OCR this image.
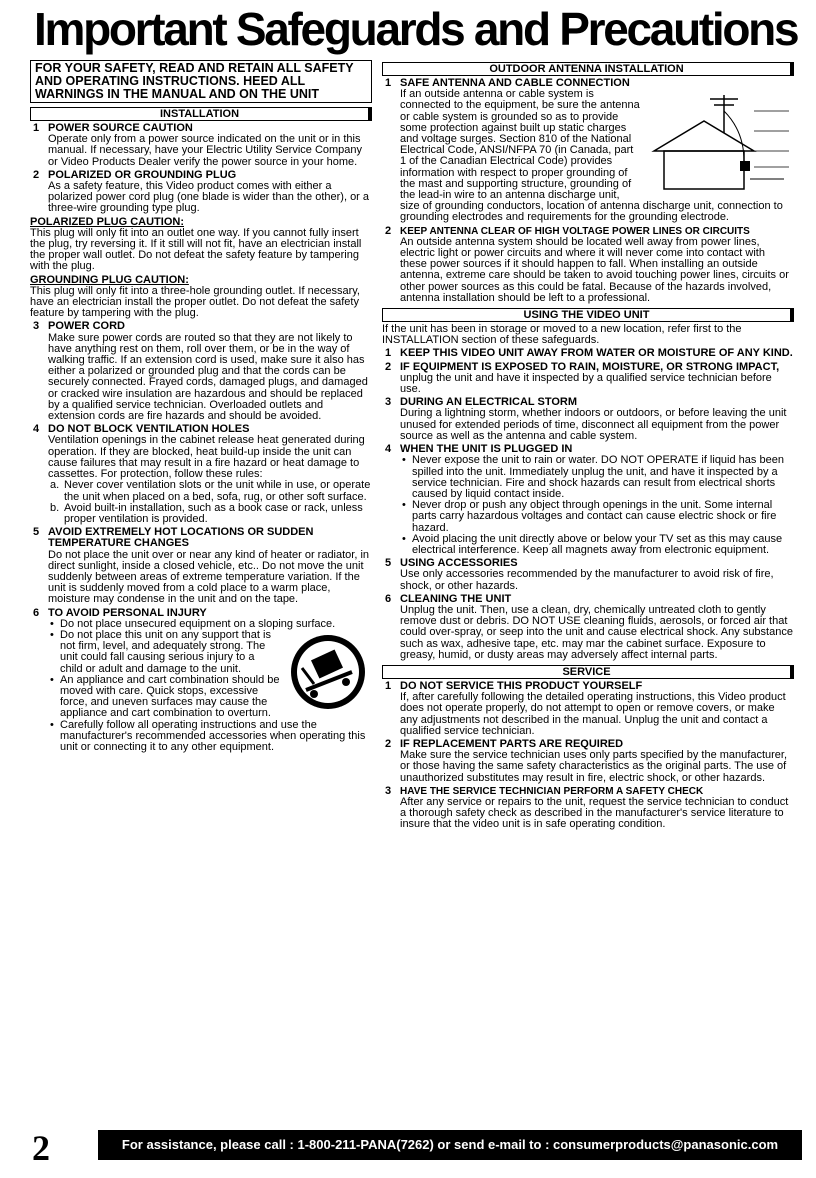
Important Safeguards and Precautions
FOR YOUR SAFETY, READ AND RETAIN ALL SAFETY AND OPERATING INSTRUCTIONS. HEED ALL WARNINGS IN THE MANUAL AND ON THE UNIT
INSTALLATION
1 POWER SOURCE CAUTION

Operate only from a power source indicated on the unit or in this manual. If necessary, have your Electric Utility Service Company or Video Products Dealer verify the power source in your home.

2 POLARIZED OR GROUNDING PLUG

As a safety feature, this Video product comes with either a polarized power cord plug (one blade is wider than the other), or a three-wire grounding type plug.

POLARIZED PLUG CAUTION:

This plug will only fit into an outlet one way. If you cannot fully insert the plug, try reversing it. If it still will not fit, have an electrician install the proper wall outlet. Do not defeat the safety feature by tampering with the plug.

GROUNDING PLUG CAUTION:

This plug will only fit into a three-hole grounding outlet. If necessary, have an electrician install the proper outlet. Do not defeat the safety feature by tampering with the plug.

3 POWER CORD

Make sure power cords are routed so that they are not likely to have anything rest on them, roll over them, or be in the way of walking traffic. If an extension cord is used, make sure it also has either a polarized or grounded plug and that the cords can be securely connected. Frayed cords, damaged plugs, and damaged or cracked wire insulation are hazardous and should be replaced by a qualified service technician. Overloaded outlets and extension cords are fire hazards and should be avoided.

4 DO NOT BLOCK VENTILATION HOLES

Ventilation openings in the cabinet release heat generated during operation. If they are blocked, heat build-up inside the unit can cause failures that may result in a fire hazard or heat damage to cassettes. For protection, follow these rules:

a. Never cover ventilation slots or the unit while in use, or operate the unit when placed on a bed, sofa, rug, or other soft surface.
b. Avoid built-in installation, such as a book case or rack, unless proper ventilation is provided.
5 AVOID EXTREMELY HOT LOCATIONS OR SUDDEN TEMPERATURE CHANGES

Do not place the unit over or near any kind of heater or radiator, in direct sunlight, inside a closed vehicle, etc.. Do not move the unit suddenly between areas of extreme temperature variation. If the unit is suddenly moved from a cold place to a warm place, moisture may condense in the unit and on the tape.

6 TO AVOID PERSONAL INJURY
• Do not place unsecured equipment on a sloping surface.
• Do not place this unit on any support that is not firm, level, and adequately strong. The unit could fall causing serious injury to a child or adult and damage to the unit.
• An appliance and cart combination should be moved with care. Quick stops, excessive force, and uneven surfaces may cause the appliance and cart combination to overturn.
• Carefully follow all operating instructions and use the manufacturer's recommended accessories when operating this unit or connecting it to any other equipment.
OUTDOOR ANTENNA INSTALLATION
1 SAFE ANTENNA AND CABLE CONNECTION

If an outside antenna or cable system is connected to the equipment, be sure the antenna or cable system is grounded so as to provide some protection against built up static charges and voltage surges. Section 810 of the National Electrical Code, ANSI/NFPA 70 (in Canada, part 1 of the Canadian Electrical Code) provides information with respect to proper grounding of the mast and supporting structure, grounding of the lead-in wire to an antenna discharge unit, size of grounding conductors, location of antenna discharge unit, connection to grounding electrodes and requirements for the grounding electrode.

2 KEEP ANTENNA CLEAR OF HIGH VOLTAGE POWER LINES OR CIRCUITS

An outside antenna system should be located well away from power lines, electric light or power circuits and where it will never come into contact with these power sources if it should happen to fall. When installing an outside antenna, extreme care should be taken to avoid touching power lines, circuits or other power sources as this could be fatal. Because of the hazards involved, antenna installation should be left to a professional.

USING THE VIDEO UNIT

If the unit has been in storage or moved to a new location, refer first to the INSTALLATION section of these safeguards.

1 KEEP THIS VIDEO UNIT AWAY FROM WATER OR MOISTURE OF ANY KIND.
2 IF EQUIPMENT IS EXPOSED TO RAIN, MOISTURE, OR STRONG IMPACT, unplug the unit and have it inspected by a qualified service technician before use.

3 DURING AN ELECTRICAL STORM

During a lightning storm, whether indoors or outdoors, or before leaving the unit unused for extended periods of time, disconnect all equipment from the power source as well as the antenna and cable system.

4 WHEN THE UNIT IS PLUGGED IN
• Never expose the unit to rain or water. DO NOT OPERATE if liquid has been spilled into the unit. Immediately unplug the unit, and have it inspected by a service technician. Fire and shock hazards can result from electrical shorts caused by liquid contact inside.
• Never drop or push any object through openings in the unit. Some internal parts carry hazardous voltages and contact can cause electric shock or fire hazard.
• Avoid placing the unit directly above or below your TV set as this may cause electrical interference. Keep all magnets away from electronic equipment.
5 USING ACCESSORIES

Use only accessories recommended by the manufacturer to avoid risk of fire, shock, or other hazards.

6 CLEANING THE UNIT

Unplug the unit. Then, use a clean, dry, chemically untreated cloth to gently remove dust or debris. DO NOT USE cleaning fluids, aerosols, or forced air that could over-spray, or seep into the unit and cause electrical shock. Any substance such as wax, adhesive tape, etc. may mar the cabinet surface. Exposure to greasy, humid, or dusty areas may adversely affect internal parts.

SERVICE
1 DO NOT SERVICE THIS PRODUCT YOURSELF

If, after carefully following the detailed operating instructions, this Video product does not operate properly, do not attempt to open or remove covers, or make any adjustments not described in the manual. Unplug the unit and contact a qualified service technician.

2 IF REPLACEMENT PARTS ARE REQUIRED

Make sure the service technician uses only parts specified by the manufacturer, or those having the same safety characteristics as the original parts. The use of unauthorized substitutes may result in fire, electric shock, or other hazards.

3 HAVE THE SERVICE TECHNICIAN PERFORM A SAFETY CHECK

After any service or repairs to the unit, request the service technician to conduct a thorough safety check as described in the manufacturer's service literature to insure that the video unit is in safe operating condition.

2	For assistance, please call : 1-800-211-PANA(7262) or send e-mail to : consumerproducts@panasonic.com
